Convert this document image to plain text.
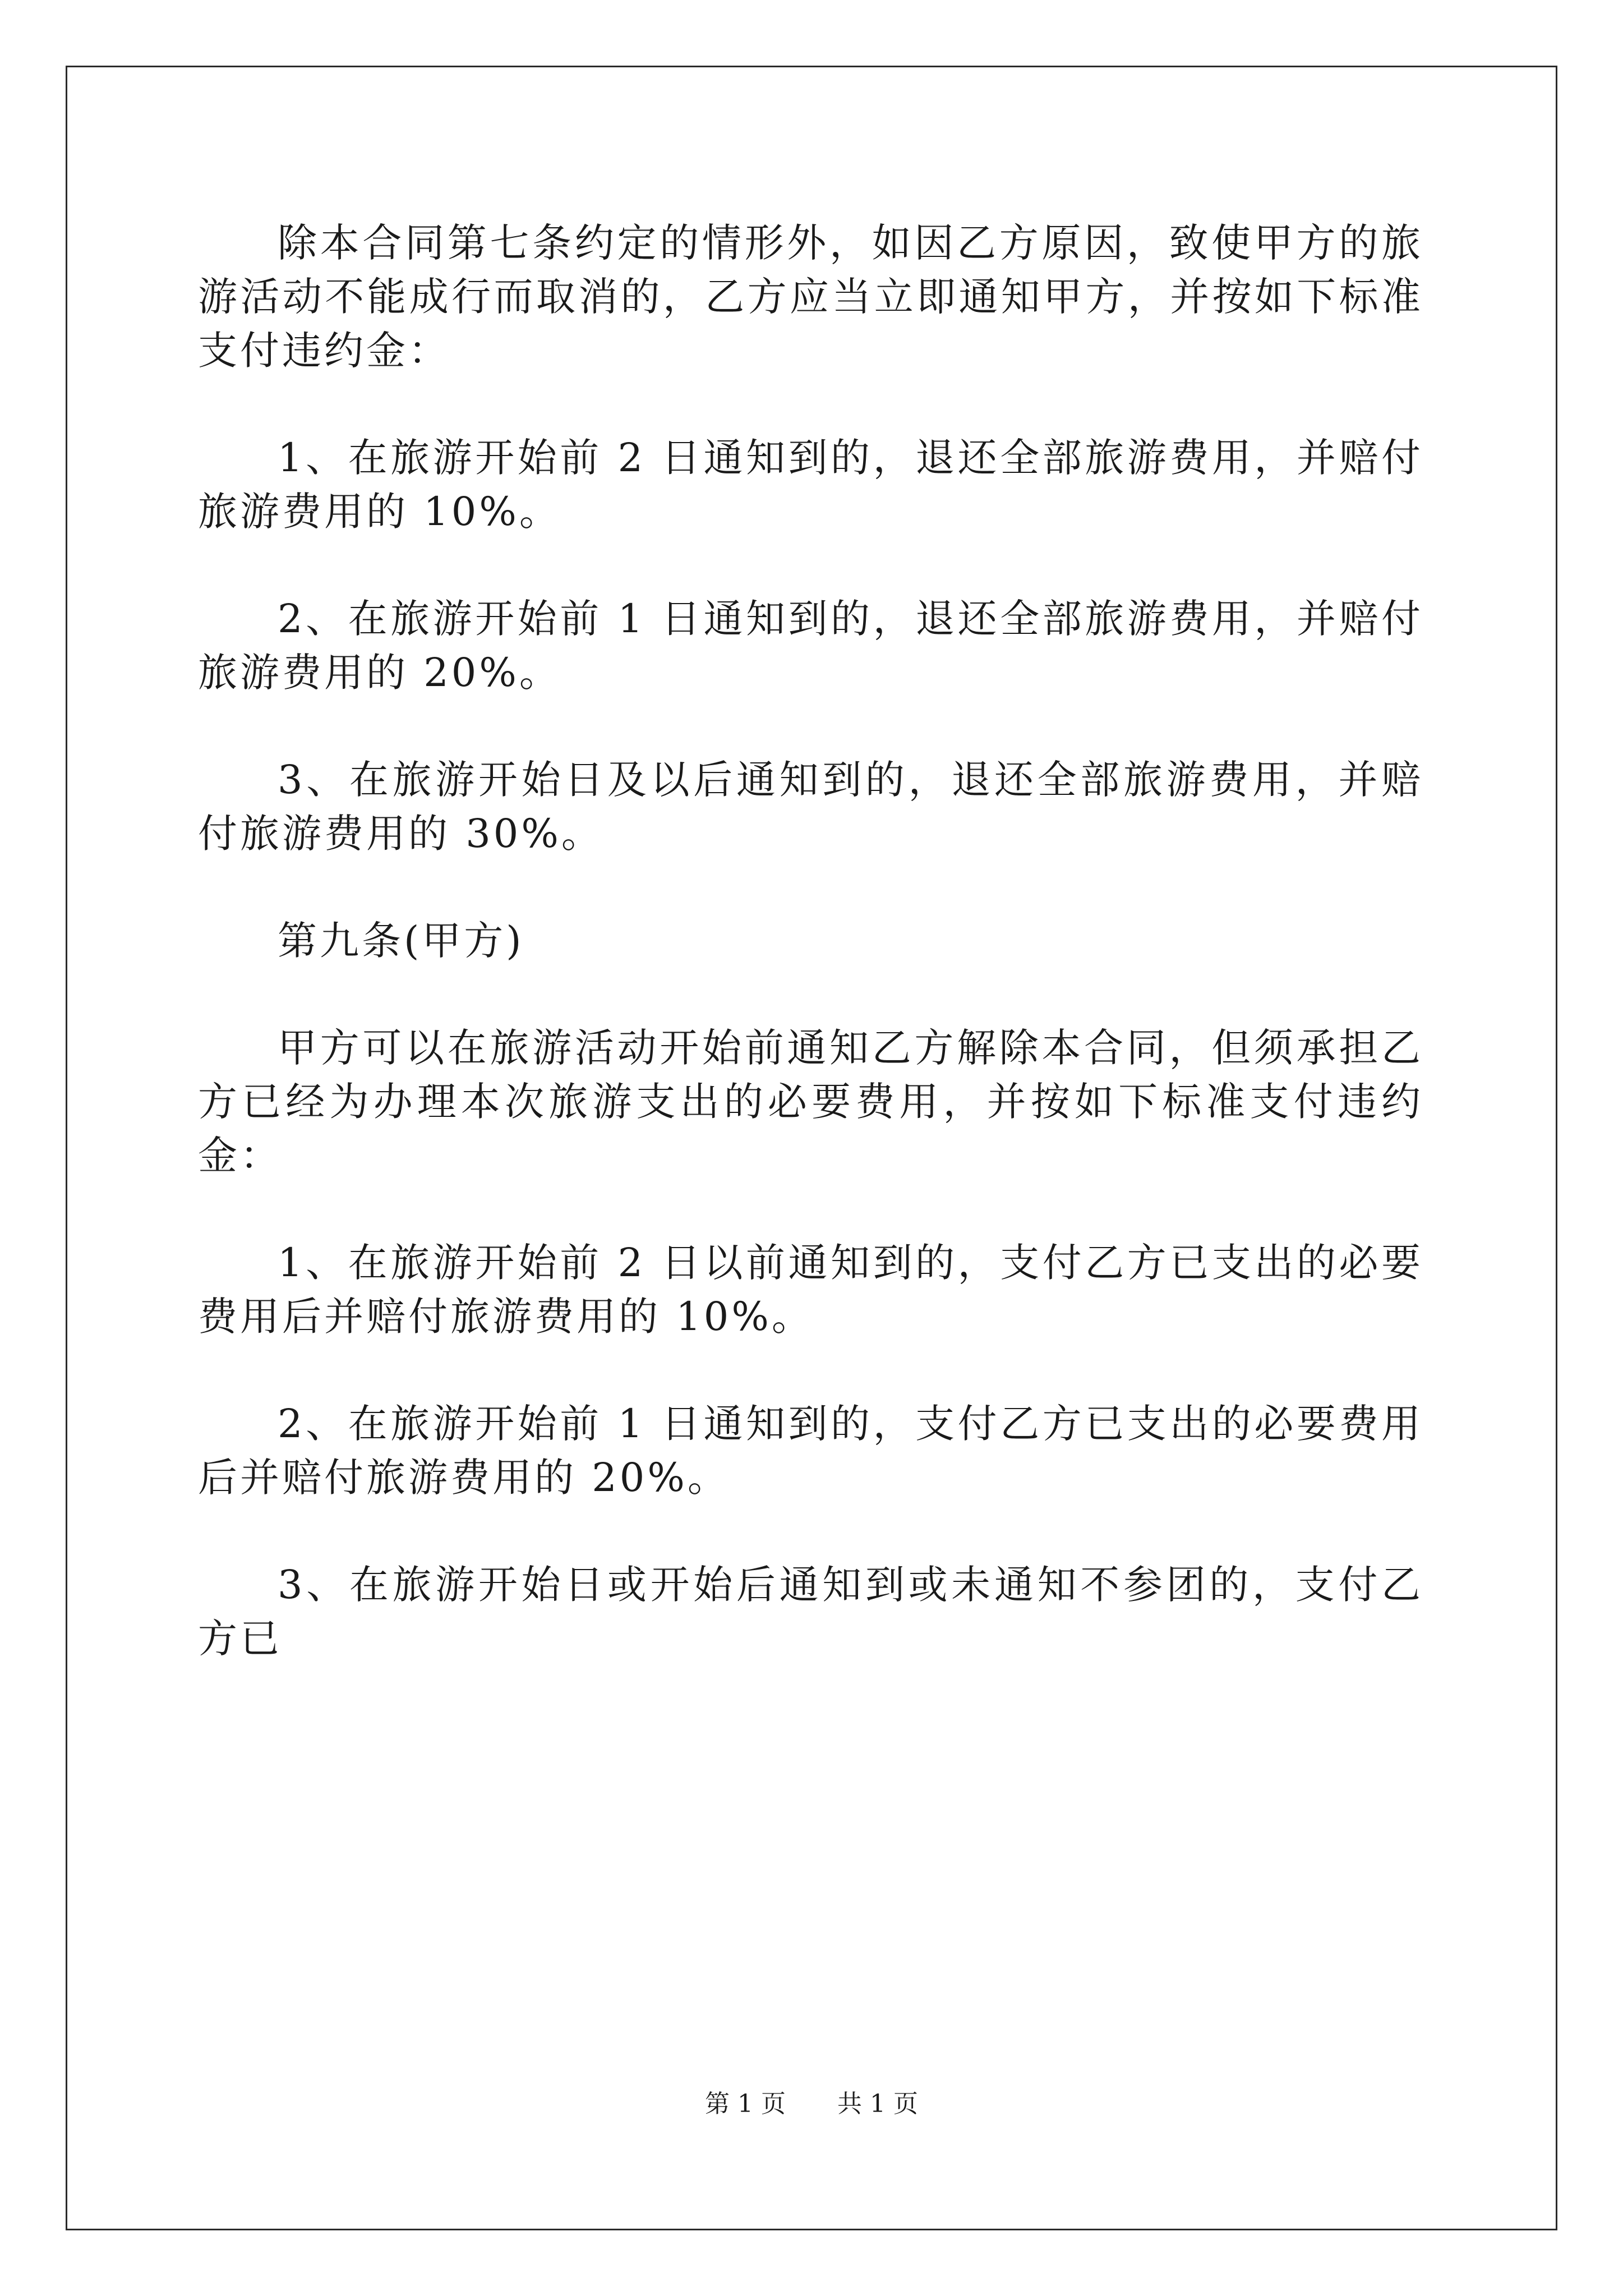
除本合同第七条约定的情形外，如因乙方原因，致使甲方的旅游活动不能成行而取消的，乙方应当立即通知甲方，并按如下标准支付违约金：

1、在旅游开始前 2 日通知到的，退还全部旅游费用，并赔付旅游费用的 10%。

2、在旅游开始前 1 日通知到的，退还全部旅游费用，并赔付旅游费用的 20%。

3、在旅游开始日及以后通知到的，退还全部旅游费用，并赔付旅游费用的 30%。

第九条(甲方)

甲方可以在旅游活动开始前通知乙方解除本合同，但须承担乙方已经为办理本次旅游支出的必要费用，并按如下标准支付违约金：

1、在旅游开始前 2 日以前通知到的，支付乙方已支出的必要费用后并赔付旅游费用的 10%。

2、在旅游开始前 1 日通知到的，支付乙方已支出的必要费用后并赔付旅游费用的 20%。

3、在旅游开始日或开始后通知到或未通知不参团的，支付乙方已

第 1 页 共 1 页
